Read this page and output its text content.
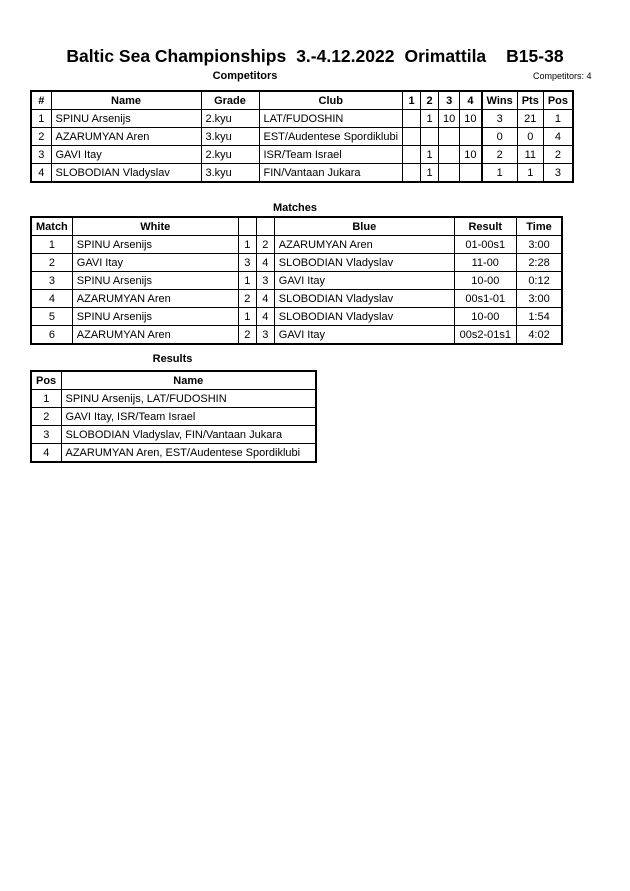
Baltic Sea Championships 3.-4.12.2022 Orimattila B15-38
Competitors	Competitors: 4
#	Name	Grade	Club	1	2	3	4	Wins	Pts	Pos
1	SPINU Arsenijs	2.kyu	LAT/FUDOSHIN		1	10	10	3	21	1
2	AZARUMYAN Aren	3.kyu	EST/Audentese Spordiklubi					0	0	4
3	GAVI Itay	2.kyu	ISR/Team Israel		1		10	2	11	2
4	SLOBODIAN Vladyslav	3.kyu	FIN/Vantaan Jukara		1			1	1	3
Matches
Match	White			Blue	Result	Time
1	SPINU Arsenijs	1	2	AZARUMYAN Aren	01-00s1	3:00
2	GAVI Itay	3	4	SLOBODIAN Vladyslav	11-00	2:28
3	SPINU Arsenijs	1	3	GAVI Itay	10-00	0:12
4	AZARUMYAN Aren	2	4	SLOBODIAN Vladyslav	00s1-01	3:00
5	SPINU Arsenijs	1	4	SLOBODIAN Vladyslav	10-00	1:54
6	AZARUMYAN Aren	2	3	GAVI Itay	00s2-01s1	4:02
Results
Pos	Name
1	SPINU Arsenijs, LAT/FUDOSHIN
2	GAVI Itay, ISR/Team Israel
3	SLOBODIAN Vladyslav, FIN/Vantaan Jukara
4	AZARUMYAN Aren, EST/Audentese Spordiklubi
